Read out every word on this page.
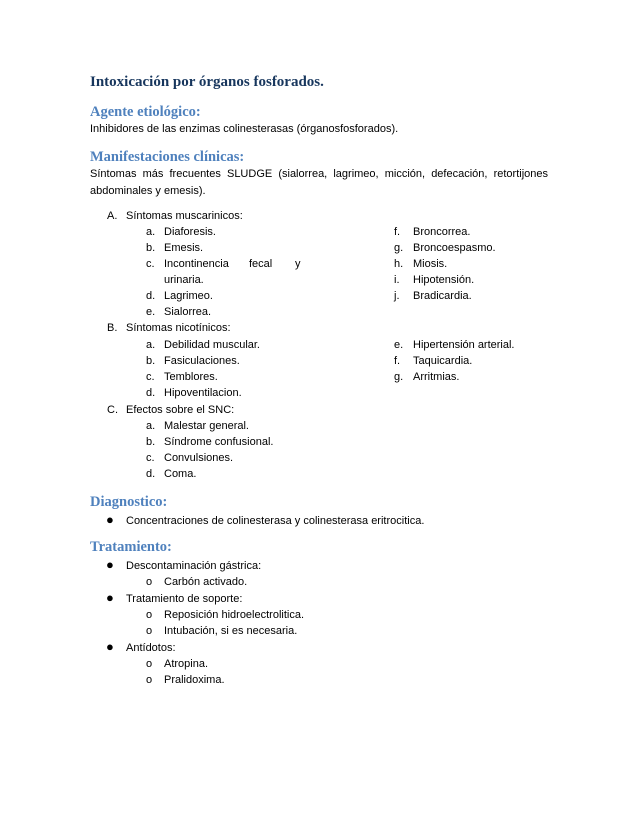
Intoxicación por órganos fosforados.
Agente etiológico:
Inhibidores de las enzimas colinesterasas (órganosfosforados).
Manifestaciones clínicas:
Síntomas más frecuentes SLUDGE (sialorrea, lagrimeo, micción, defecación, retortijones
abdominales y emesis).
A. Síntomas muscarinicos:
a. Diaforesis.
b. Emesis.
c. Incontinencia fecal y
urinaria.
d. Lagrimeo.
e. Sialorrea.
f. Broncorrea.
g. Broncoespasmo.
h. Miosis.
i. Hipotensión.
j. Bradicardia.
B. Síntomas nicotínicos:
a. Debilidad muscular.
b. Fasiculaciones.
c. Temblores.
d. Hipoventilacion.
e. Hipertensión arterial.
f. Taquicardia.
g. Arritmias.
C. Efectos sobre el SNC:
a. Malestar general.
b. Síndrome confusional.
c. Convulsiones.
d. Coma.
Diagnostico:
● Concentraciones de colinesterasa y colinesterasa eritrocitica.
Tratamiento:
● Descontaminación gástrica:
o Carbón activado.
● Tratamiento de soporte:
o Reposición hidroelectrolitica.
o Intubación, si es necesaria.
● Antídotos:
o Atropina.
o Pralidoxima.
